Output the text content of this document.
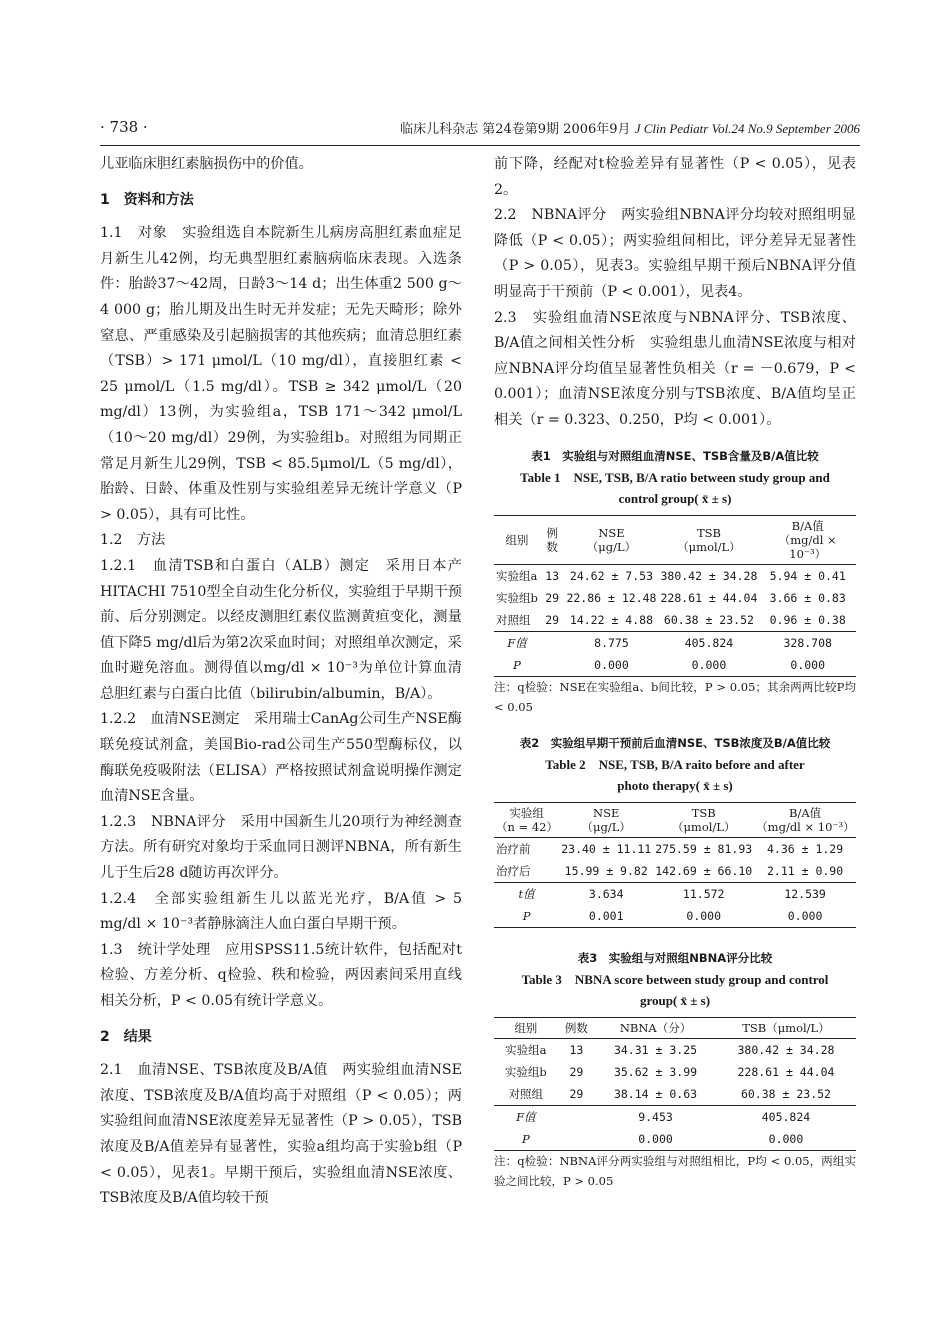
· 738 ·	临床儿科杂志 第24卷第9期 2006年9月 J Clin Pediatr Vol.24 No.9 September 2006

儿亚临床胆红素脑损伤中的价值。

1　资料和方法

1.1　对象　实验组选自本院新生儿病房高胆红素血症足月新生儿42例，均无典型胆红素脑病临床表现。入选条件：胎龄37～42周，日龄3～14 d；出生体重2 500 g～4 000 g；胎儿期及出生时无并发症；无先天畸形；除外窒息、严重感染及引起脑损害的其他疾病；血清总胆红素（TSB）> 171 μmol/L（10 mg/dl），直接胆红素 < 25 μmol/L（1.5 mg/dl）。TSB ≥ 342 μmol/L（20 mg/dl）13例，为实验组a，TSB 171～342 μmol/L（10～20 mg/dl）29例，为实验组b。对照组为同期正常足月新生儿29例，TSB < 85.5μmol/L（5 mg/dl），胎龄、日龄、体重及性别与实验组差异无统计学意义（P > 0.05），具有可比性。

1.2　方法

1.2.1　血清TSB和白蛋白（ALB）测定　采用日本产HITACHI 7510型全自动生化分析仪，实验组于早期干预前、后分别测定。以经皮测胆红素仪监测黄疸变化，测量值下降5 mg/dl后为第2次采血时间；对照组单次测定，采血时避免溶血。测得值以mg/dl × 10⁻³为单位计算血清总胆红素与白蛋白比值（bilirubin/albumin，B/A）。

1.2.2　血清NSE测定　采用瑞士CanAg公司生产NSE酶联免疫试剂盒，美国Bio-rad公司生产550型酶标仪，以酶联免疫吸附法（ELISA）严格按照试剂盒说明操作测定血清NSE含量。

1.2.3　NBNA评分　采用中国新生儿20项行为神经测查方法。所有研究对象均于采血同日测评NBNA，所有新生儿于生后28 d随访再次评分。

1.2.4　全部实验组新生儿以蓝光光疗，B/A值 > 5 mg/dl × 10⁻³者静脉滴注人血白蛋白早期干预。

1.3　统计学处理　应用SPSS11.5统计软件，包括配对t检验、方差分析、q检验、秩和检验，两因素间采用直线相关分析，P < 0.05有统计学意义。

2　结果

2.1　血清NSE、TSB浓度及B/A值　两实验组血清NSE浓度、TSB浓度及B/A值均高于对照组（P < 0.05）；两实验组间血清NSE浓度差异无显著性（P > 0.05），TSB浓度及B/A值差异有显著性，实验a组均高于实验b组（P < 0.05），见表1。早期干预后，实验组血清NSE浓度、TSB浓度及B/A值均较干预

前下降，经配对t检验差异有显著性（P < 0.05），见表2。

2.2　NBNA评分　两实验组NBNA评分均较对照组明显降低（P < 0.05）；两实验组间相比，评分差异无显著性（P > 0.05），见表3。实验组早期干预后NBNA评分值明显高于干预前（P < 0.001），见表4。

2.3　实验组血清NSE浓度与NBNA评分、TSB浓度、B/A值之间相关性分析　实验组患儿血清NSE浓度与相对应NBNA评分均值呈显著性负相关（r = －0.679，P < 0.001）；血清NSE浓度分别与TSB浓度、B/A值均呈正相关（r = 0.323、0.250，P均 < 0.001）。

表1　实验组与对照组血清NSE、TSB含量及B/A值比较

Table 1　NSE, TSB, B/A ratio between study group and

control group( x̄ ± s)

组别	例数	NSE
（μg/L）	TSB
（μmol/L）	B/A值
（mg/dl × 10⁻³）
实验组a	13	24.62 ± 7.53	380.42 ± 34.28	5.94 ± 0.41
实验组b	29	22.86 ± 12.48	228.61 ± 44.04	3.66 ± 0.83
对照组	29	14.22 ± 4.88	60.38 ± 23.52	0.96 ± 0.38
F值		8.775	405.824	328.708
P		0.000	0.000	0.000

注：q检验：NSE在实验组a、b间比较，P > 0.05；其余两两比较P均 < 0.05

表2　实验组早期干预前后血清NSE、TSB浓度及B/A值比较

Table 2　NSE, TSB, B/A raito before and after

photo therapy( x̄ ± s)

实验组
（n = 42）	NSE
（μg/L）	TSB
（μmol/L）	B/A值
（mg/dl × 10⁻³）
治疗前	23.40 ± 11.11	275.59 ± 81.93	4.36 ± 1.29
治疗后	15.99 ± 9.82	142.69 ± 66.10	2.11 ± 0.90
t值	3.634	11.572	12.539
P	0.001	0.000	0.000

表3　实验组与对照组NBNA评分比较

Table 3　NBNA score between study group and control

group( x̄ ± s)

组别	例数	NBNA（分）	TSB（μmol/L）
实验组a	13	34.31 ± 3.25	380.42 ± 34.28
实验组b	29	35.62 ± 3.99	228.61 ± 44.04
对照组	29	38.14 ± 0.63	60.38 ± 23.52
F值		9.453	405.824
P		0.000	0.000

注：q检验：NBNA评分两实验组与对照组相比，P均 < 0.05，两组实验之间比较，P > 0.05
